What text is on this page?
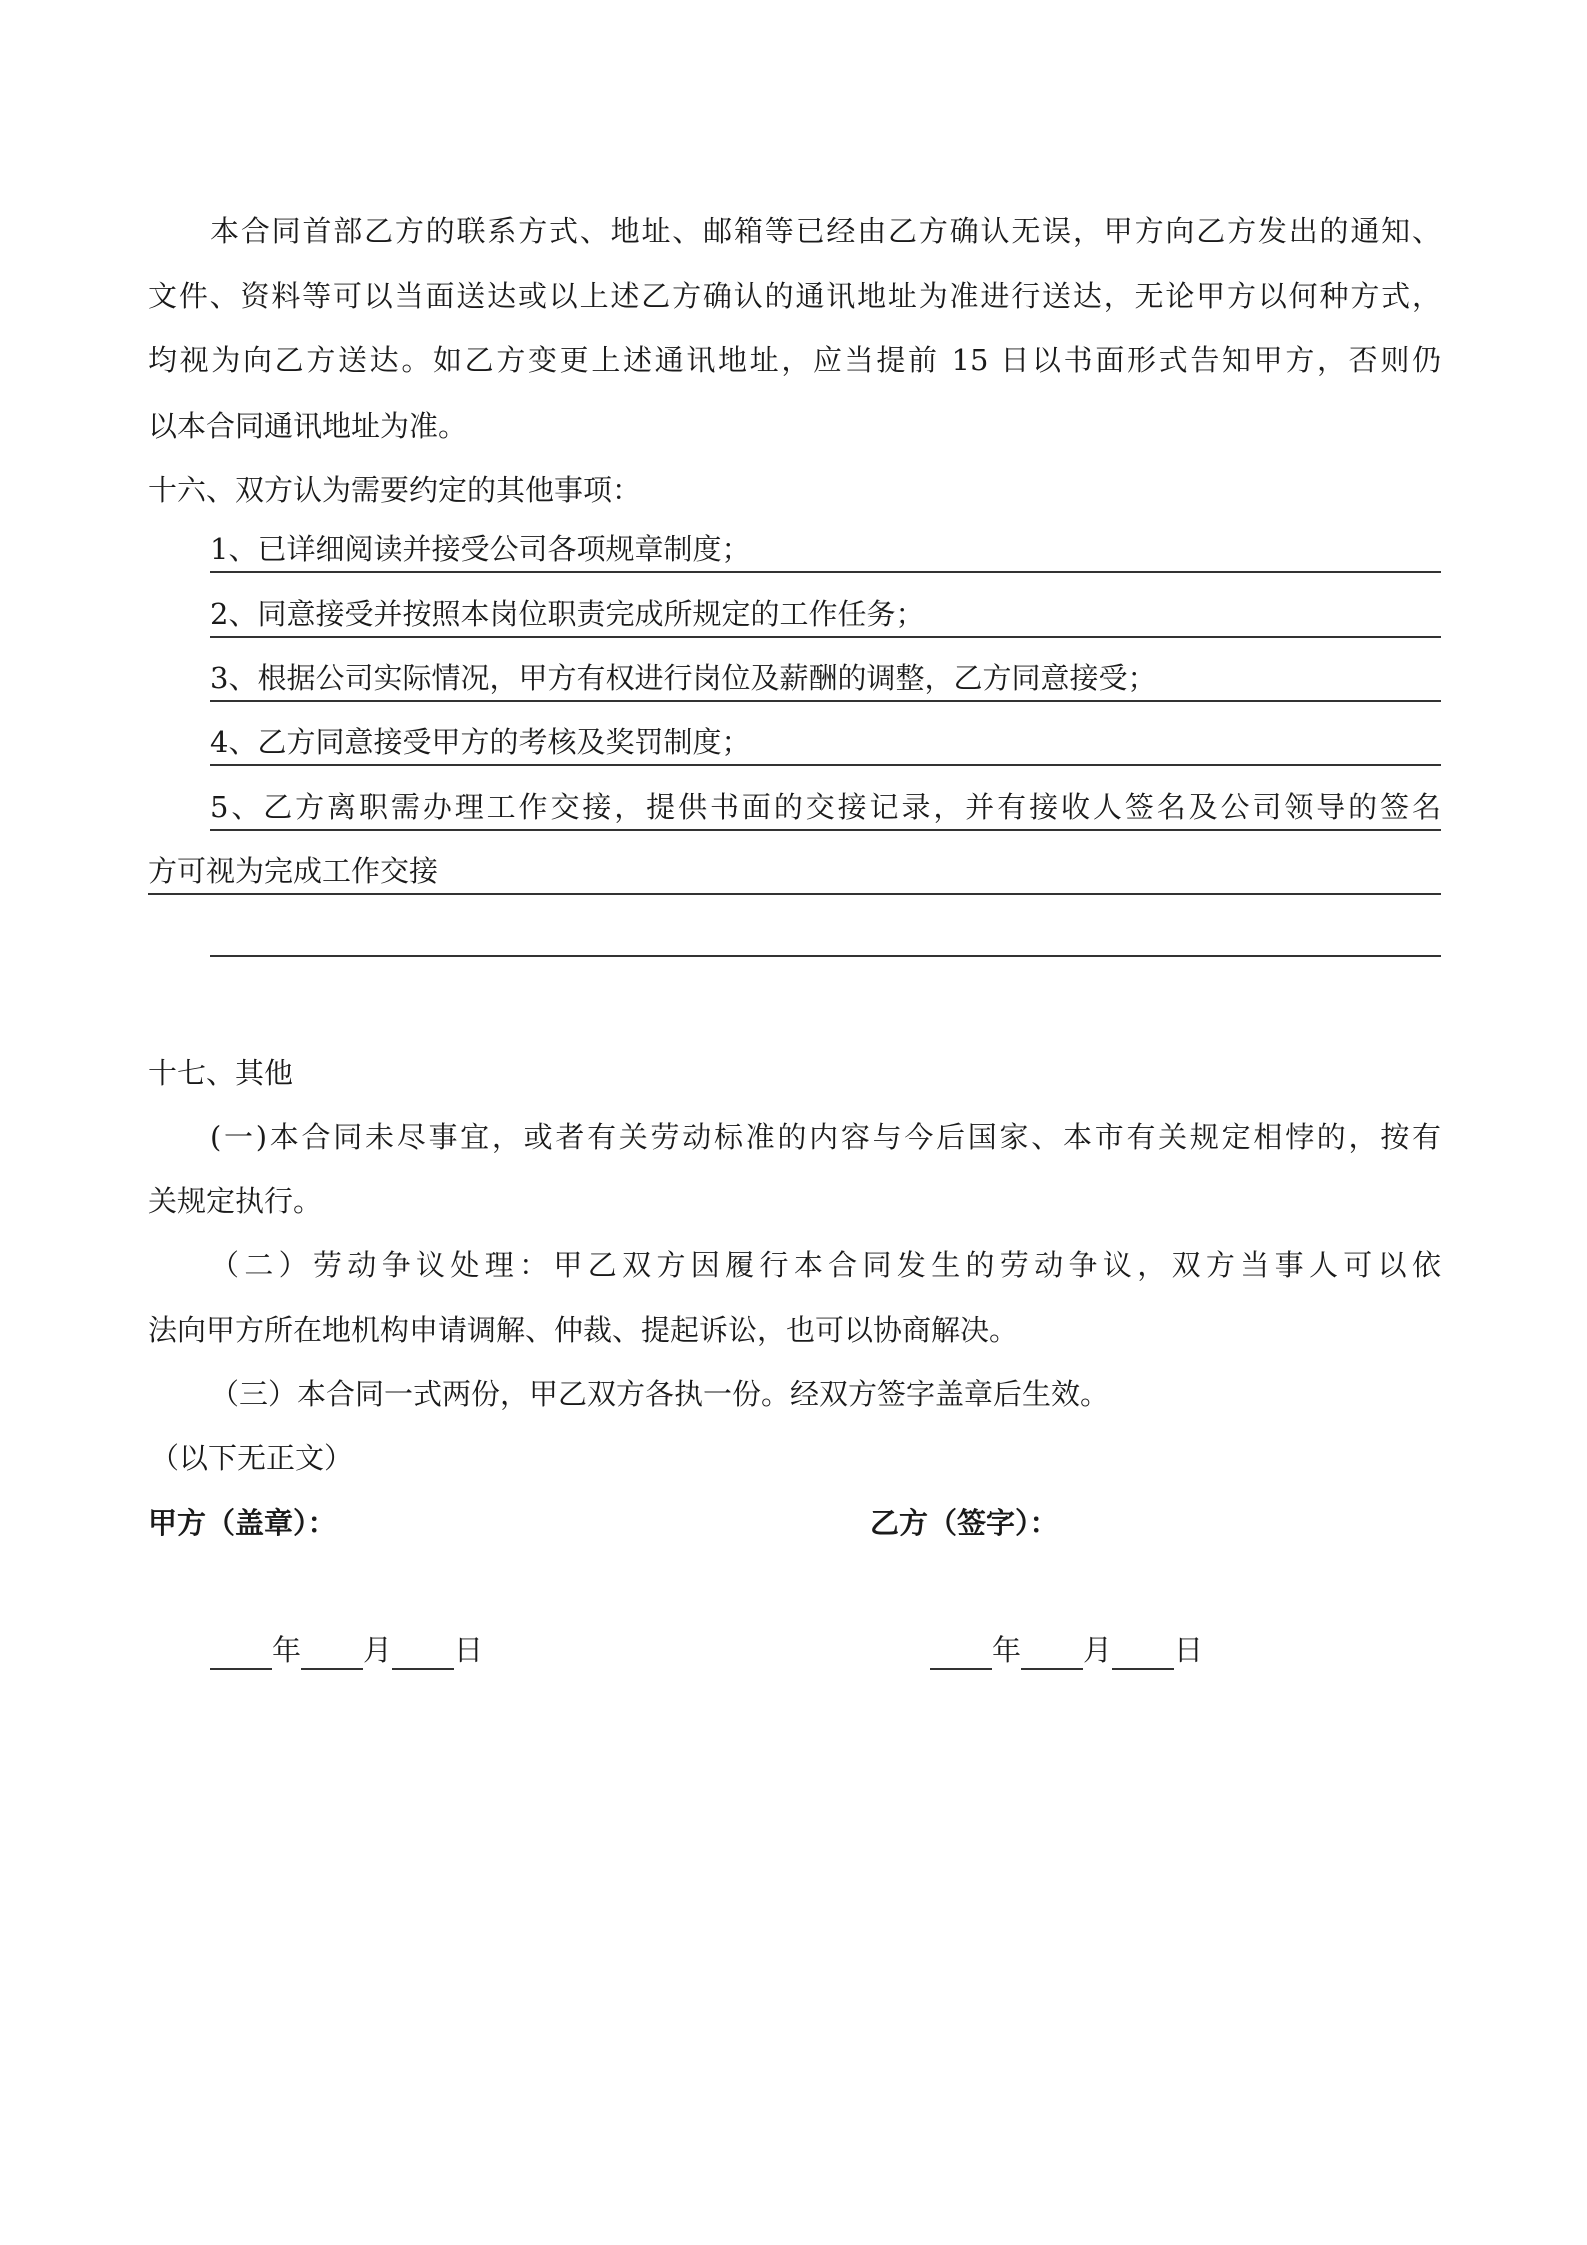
本合同首部乙方的联系方式、地址、邮箱等已经由乙方确认无误，甲方向乙方发出的通知、
文件、资料等可以当面送达或以上述乙方确认的通讯地址为准进行送达，无论甲方以何种方式，
均视为向乙方送达。如乙方变更上述通讯地址，应当提前 15 日以书面形式告知甲方，否则仍
以本合同通讯地址为准。
十六、双方认为需要约定的其他事项：
1、已详细阅读并接受公司各项规章制度；
2、同意接受并按照本岗位职责完成所规定的工作任务；
3、根据公司实际情况，甲方有权进行岗位及薪酬的调整，乙方同意接受；
4、乙方同意接受甲方的考核及奖罚制度；
5、乙方离职需办理工作交接，提供书面的交接记录，并有接收人签名及公司领导的签名
方可视为完成工作交接
十七、其他
(一)本合同未尽事宜，或者有关劳动标准的内容与今后国家、本市有关规定相悖的，按有
关规定执行。
（二）劳动争议处理：甲乙双方因履行本合同发生的劳动争议，双方当事人可以依
法向甲方所在地机构申请调解、仲裁、提起诉讼，也可以协商解决。
（三）本合同一式两份，甲乙双方各执一份。经双方签字盖章后生效。
（以下无正文）
甲方（盖章）：	乙方（签字）：
年 月 日	年 月 日
